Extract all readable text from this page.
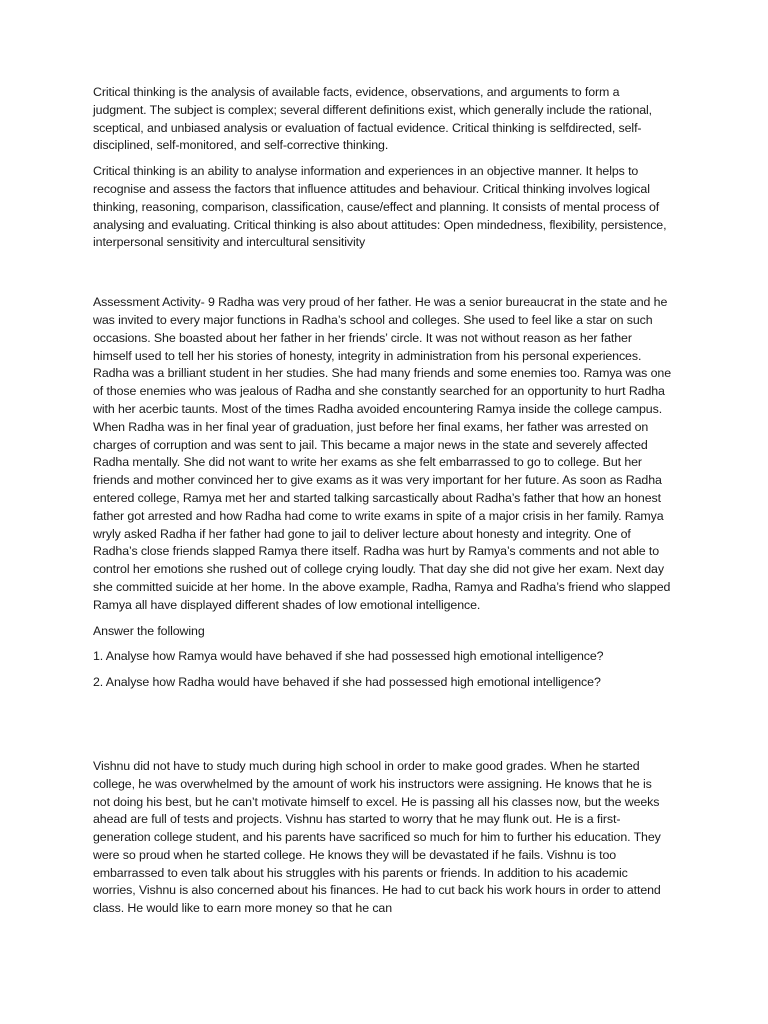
Critical thinking is the analysis of available facts, evidence, observations, and arguments to form a judgment. The subject is complex; several different definitions exist, which generally include the rational, sceptical, and unbiased analysis or evaluation of factual evidence. Critical thinking is selfdirected, self-disciplined, self-monitored, and self-corrective thinking.

Critical thinking is an ability to analyse information and experiences in an objective manner. It helps to recognise and assess the factors that influence attitudes and behaviour. Critical thinking involves logical thinking, reasoning, comparison, classification, cause/effect and planning. It consists of mental process of analysing and evaluating. Critical thinking is also about attitudes: Open mindedness, flexibility, persistence, interpersonal sensitivity and intercultural sensitivity

Assessment Activity- 9 Radha was very proud of her father. He was a senior bureaucrat in the state and he was invited to every major functions in Radha’s school and colleges. She used to feel like a star on such occasions. She boasted about her father in her friends’ circle. It was not without reason as her father himself used to tell her his stories of honesty, integrity in administration from his personal experiences. Radha was a brilliant student in her studies. She had many friends and some enemies too. Ramya was one of those enemies who was jealous of Radha and she constantly searched for an opportunity to hurt Radha with her acerbic taunts. Most of the times Radha avoided encountering Ramya inside the college campus. When Radha was in her final year of graduation, just before her final exams, her father was arrested on charges of corruption and was sent to jail. This became a major news in the state and severely affected Radha mentally. She did not want to write her exams as she felt embarrassed to go to college. But her friends and mother convinced her to give exams as it was very important for her future. As soon as Radha entered college, Ramya met her and started talking sarcastically about Radha’s father that how an honest father got arrested and how Radha had come to write exams in spite of a major crisis in her family. Ramya wryly asked Radha if her father had gone to jail to deliver lecture about honesty and integrity. One of Radha’s close friends slapped Ramya there itself. Radha was hurt by Ramya’s comments and not able to control her emotions she rushed out of college crying loudly. That day she did not give her exam. Next day she committed suicide at her home. In the above example, Radha, Ramya and Radha’s friend who slapped Ramya all have displayed different shades of low emotional intelligence.

Answer the following

1. Analyse how Ramya would have behaved if she had possessed high emotional intelligence?

2. Analyse how Radha would have behaved if she had possessed high emotional intelligence?

Vishnu did not have to study much during high school in order to make good grades. When he started college, he was overwhelmed by the amount of work his instructors were assigning. He knows that he is not doing his best, but he can’t motivate himself to excel. He is passing all his classes now, but the weeks ahead are full of tests and projects. Vishnu has started to worry that he may flunk out. He is a first-generation college student, and his parents have sacrificed so much for him to further his education. They were so proud when he started college. He knows they will be devastated if he fails. Vishnu is too embarrassed to even talk about his struggles with his parents or friends. In addition to his academic worries, Vishnu is also concerned about his finances. He had to cut back his work hours in order to attend class. He would like to earn more money so that he can
